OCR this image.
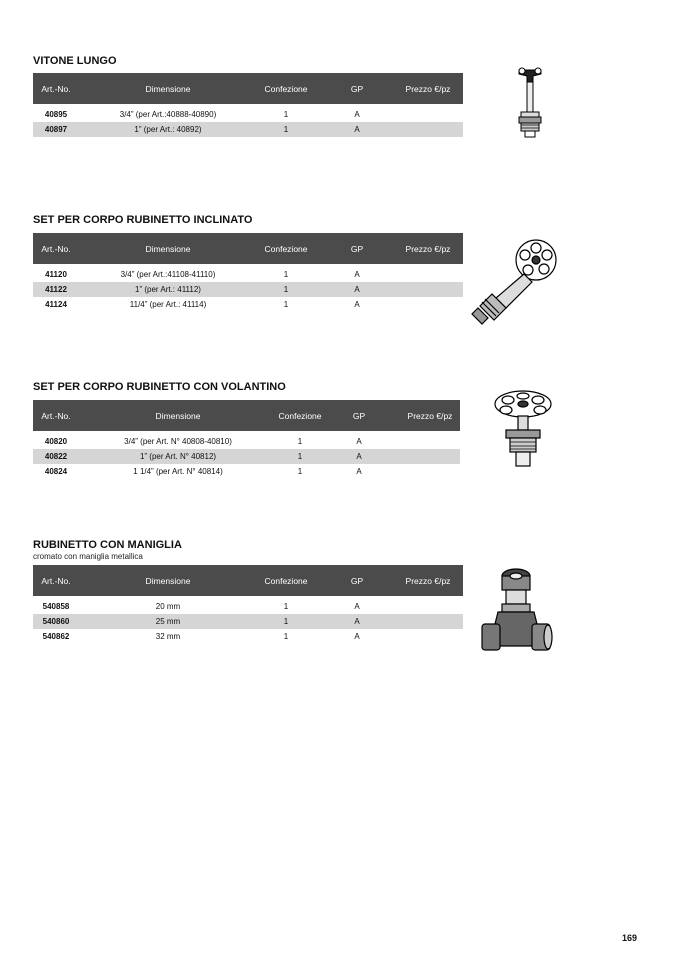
VITONE LUNGO
Art.-No.	Dimensione	Confezione	GP	Prezzo €/pz
40895	3/4” (per Art.:40888-40890)	1	A
40897	1” (per Art.: 40892)	1	A
SET PER CORPO RUBINETTO INCLINATO
Art.-No.	Dimensione	Confezione	GP	Prezzo €/pz
41120	3/4” (per Art.:41108-41110)	1	A
41122	1” (per Art.: 41112)	1	A
41124	11/4” (per Art.: 41114)	1	A
SET PER CORPO RUBINETTO CON VOLANTINO
Art.-No.	Dimensione	Confezione	GP	Prezzo €/pz
40820	3/4” (per Art. N° 40808-40810)	1	A
40822	1” (per Art. N° 40812)	1	A
40824	1 1/4” (per Art. N° 40814)	1	A
RUBINETTO CON MANIGLIA
cromato con maniglia metallica
Art.-No.	Dimensione	Confezione	GP	Prezzo €/pz
540858	20 mm	1	A
540860	25 mm	1	A
540862	32 mm	1	A
169
